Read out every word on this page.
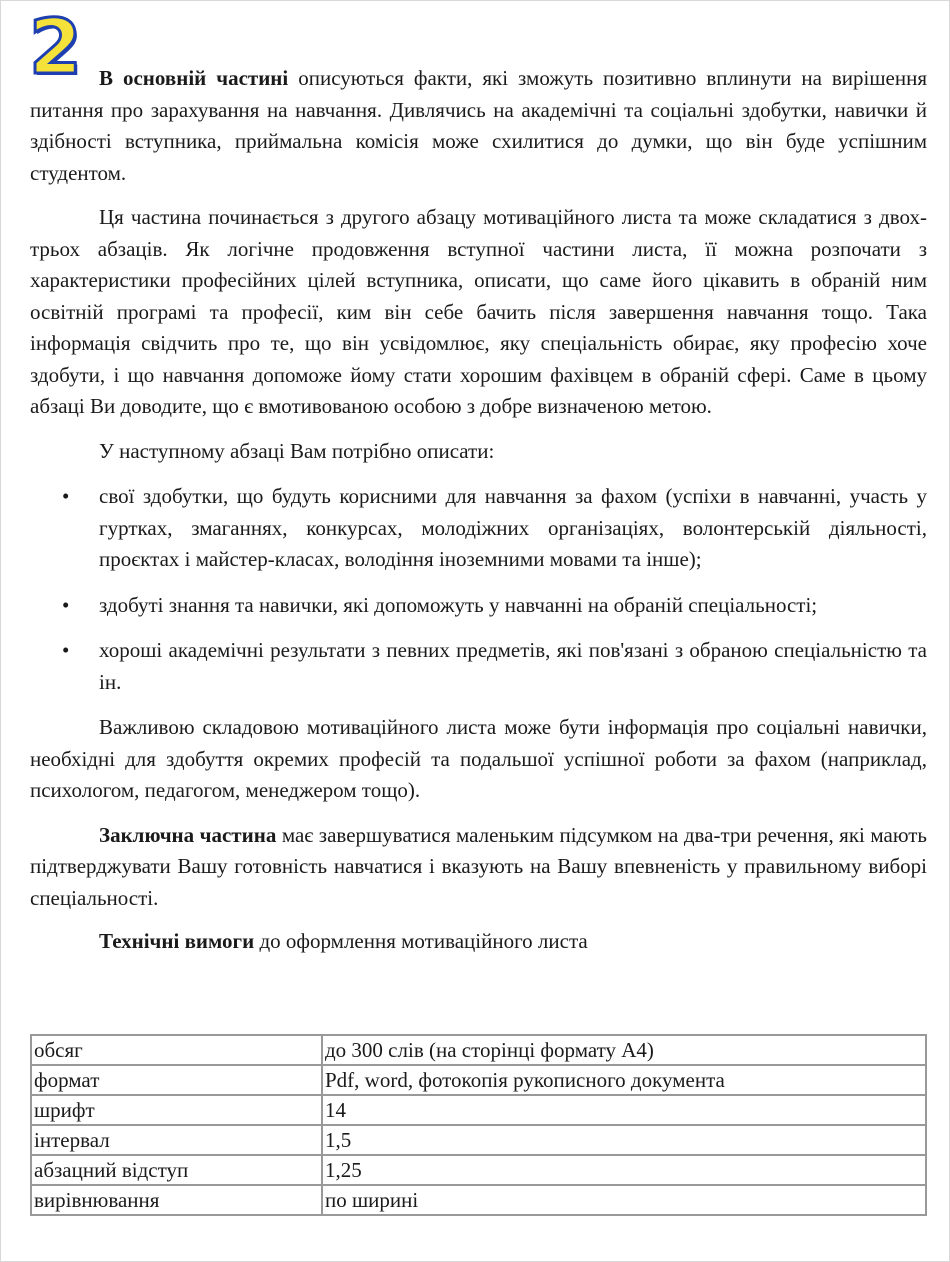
2 В основній частині описуються факти, які зможуть позитивно вплинути на вирішення питання про зарахування на навчання. Дивлячись на академічні та соціальні здобутки, навички й здібності вступника, приймальна комісія може схилитися до думки, що він буде успішним студентом.

Ця частина починається з другого абзацу мотиваційного листа та може складатися з двох-трьох абзаців. Як логічне продовження вступної частини листа, її можна розпочати з характеристики професійних цілей вступника, описати, що саме його цікавить в обраній ним освітній програмі та професії, ким він себе бачить після завершення навчання тощо. Така інформація свідчить про те, що він усвідомлює, яку спеціальність обирає, яку професію хоче здобути, і що навчання допоможе йому стати хорошим фахівцем в обраній сфері. Саме в цьому абзаці Ви доводите, що є вмотивованою особою з добре визначеною метою.

У наступному абзаці Вам потрібно описати:

• свої здобутки, що будуть корисними для навчання за фахом (успіхи в навчанні, участь у гуртках, змаганнях, конкурсах, молодіжних організаціях, волонтерській діяльності, проєктах і майстер-класах, володіння іноземними мовами та інше);
• здобуті знання та навички, які допоможуть у навчанні на обраній спеціальності;
• хороші академічні результати з певних предметів, які пов'язані з обраною спеціальністю та ін.

Важливою складовою мотиваційного листа може бути інформація про соціальні навички, необхідні для здобуття окремих професій та подальшої успішної роботи за фахом (наприклад, психологом, педагогом, менеджером тощо).

Заключна частина має завершуватися маленьким підсумком на два-три речення, які мають підтверджувати Вашу готовність навчатися і вказують на Вашу впевненість у правильному виборі спеціальності.

Технічні вимоги до оформлення мотиваційного листа

обсяг	до 300 слів (на сторінці формату А4)
формат	Pdf, word, фотокопія рукописного документа
шрифт	14
інтервал	1,5
абзацний відступ	1,25
вирівнювання	по ширині
